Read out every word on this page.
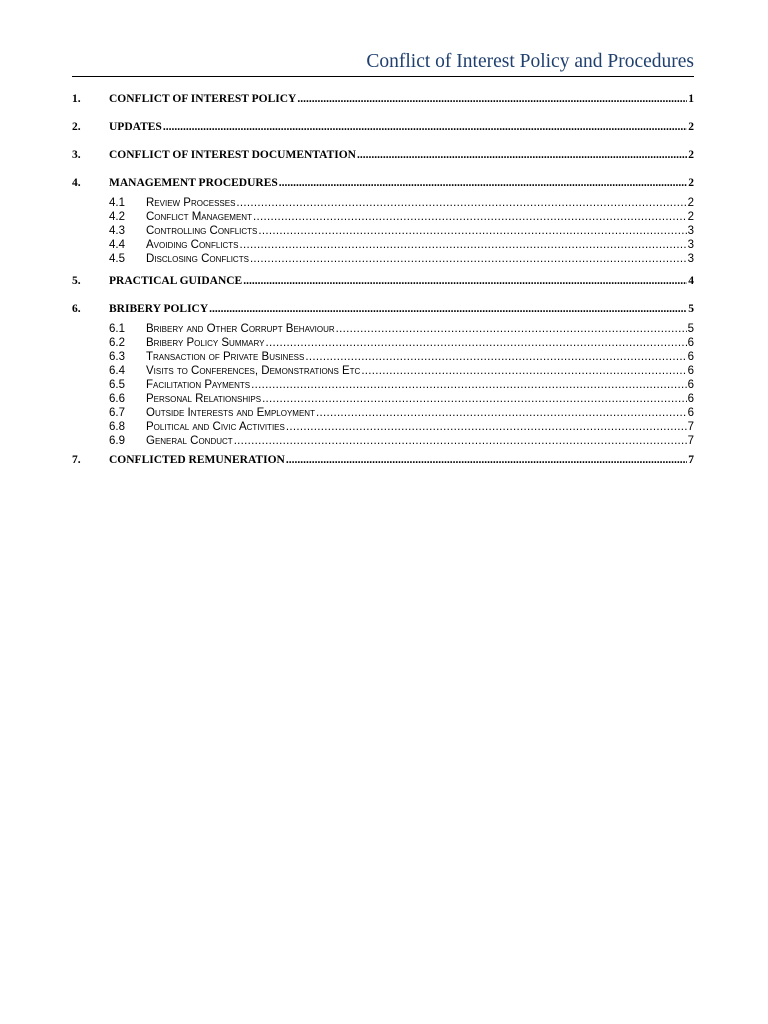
Conflict of Interest Policy and Procedures
1.	CONFLICT OF INTEREST POLICY .....	1
2.	UPDATES .....	2
3.	CONFLICT OF INTEREST DOCUMENTATION .....	2
4.	MANAGEMENT PROCEDURES .....	2
4.1	Review Processes .....	2
4.2	Conflict Management .....	2
4.3	Controlling Conflicts .....	3
4.4	Avoiding Conflicts .....	3
4.5	Disclosing Conflicts .....	3
5.	PRACTICAL GUIDANCE .....	4
6.	BRIBERY POLICY .....	5
6.1	Bribery and Other Corrupt Behaviour .....	5
6.2	Bribery Policy Summary .....	6
6.3	Transaction of Private Business .....	6
6.4	Visits to Conferences, Demonstrations Etc .....	6
6.5	Facilitation Payments .....	6
6.6	Personal Relationships .....	6
6.7	Outside Interests and Employment .....	6
6.8	Political and Civic Activities .....	7
6.9	General Conduct .....	7
7.	CONFLICTED REMUNERATION .....	7
